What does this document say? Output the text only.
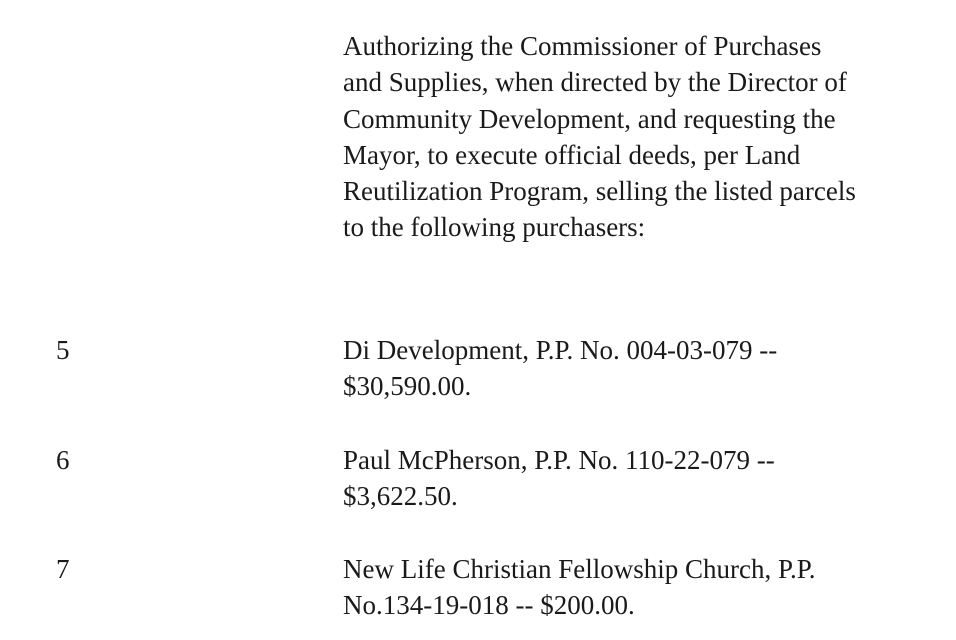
Authorizing the Commissioner of Purchases
and Supplies, when directed by the Director of
Community Development, and requesting the
Mayor, to execute official deeds, per Land
Reutilization Program, selling the listed parcels
to the following purchasers:

5	Di Development, P.P. No. 004-03-079 --
$30,590.00.

6	Paul McPherson, P.P. No. 110-22-079 --
$3,622.50.

7	New Life Christian Fellowship Church, P.P.
No.134-19-018 -- $200.00.
